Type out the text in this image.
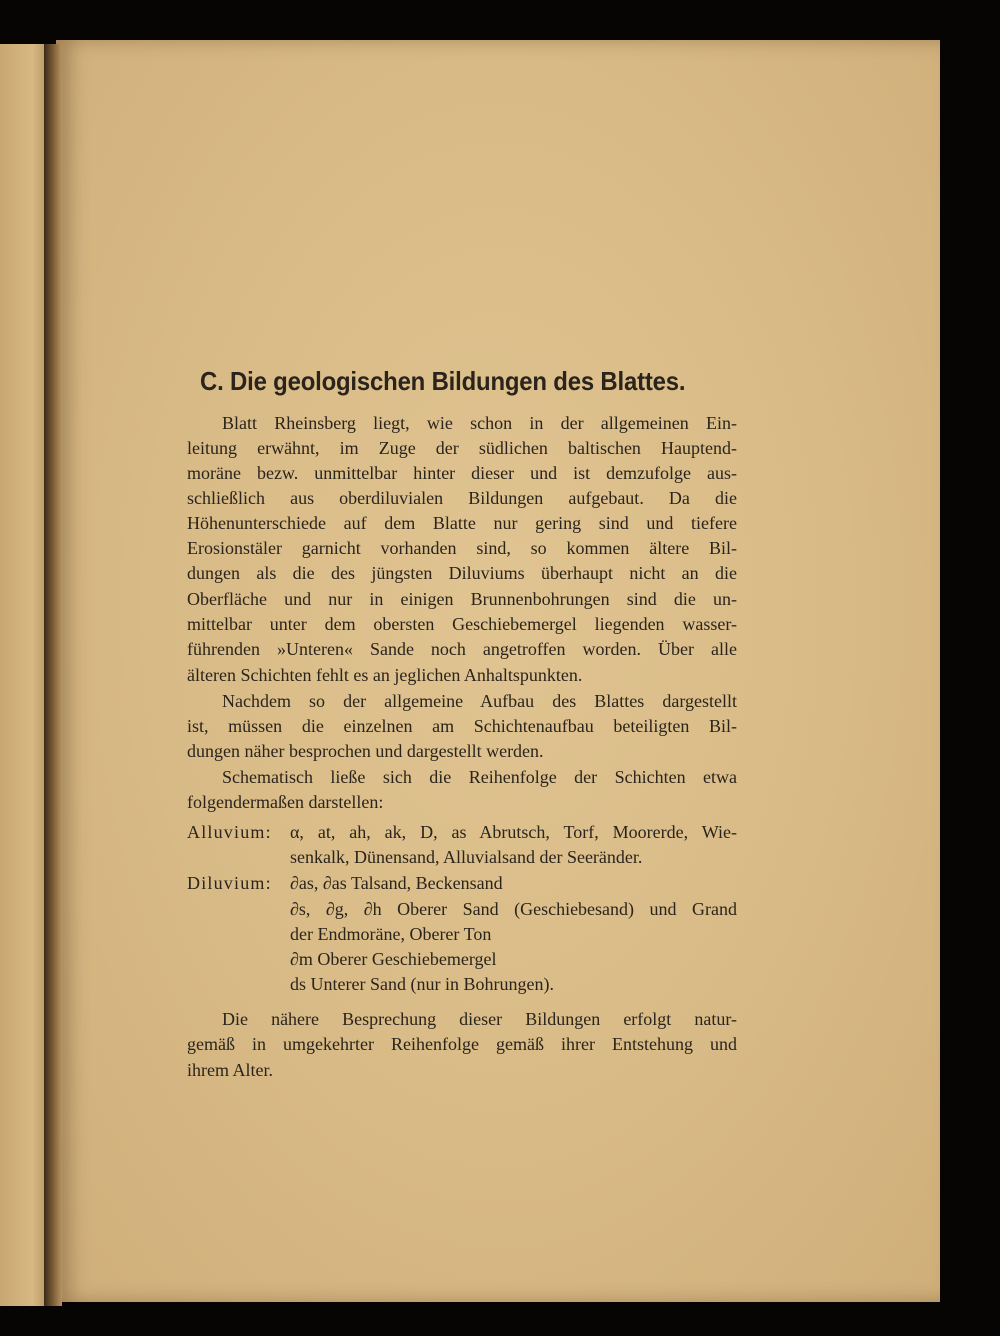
C. Die geologischen Bildungen des Blattes.
Blatt Rheinsberg liegt, wie schon in der allgemeinen Ein-
leitung erwähnt, im Zuge der südlichen baltischen Hauptend-
moräne bezw. unmittelbar hinter dieser und ist demzufolge aus-
schließlich aus oberdiluvialen Bildungen aufgebaut. Da die
Höhenunterschiede auf dem Blatte nur gering sind und tiefere
Erosionstäler garnicht vorhanden sind, so kommen ältere Bil-
dungen als die des jüngsten Diluviums überhaupt nicht an die
Oberfläche und nur in einigen Brunnenbohrungen sind die un-
mittelbar unter dem obersten Geschiebemergel liegenden wasser-
führenden »Unteren« Sande noch angetroffen worden. Über alle
älteren Schichten fehlt es an jeglichen Anhaltspunkten.
Nachdem so der allgemeine Aufbau des Blattes dargestellt
ist, müssen die einzelnen am Schichtenaufbau beteiligten Bil-
dungen näher besprochen und dargestellt werden.
Schematisch ließe sich die Reihenfolge der Schichten etwa
folgendermaßen darstellen:
Alluvium: α, at, ah, ak, D, as Abrutsch, Torf, Moorerde, Wie-
senkalk, Dünensand, Alluvialsand der Seeränder.
Diluvium: ∂as, ∂as Talsand, Beckensand
∂s, ∂g, ∂h Oberer Sand (Geschiebesand) und Grand
der Endmoräne, Oberer Ton
∂m Oberer Geschiebemergel
ds Unterer Sand (nur in Bohrungen).
Die nähere Besprechung dieser Bildungen erfolgt natur-
gemäß in umgekehrter Reihenfolge gemäß ihrer Entstehung und
ihrem Alter.
